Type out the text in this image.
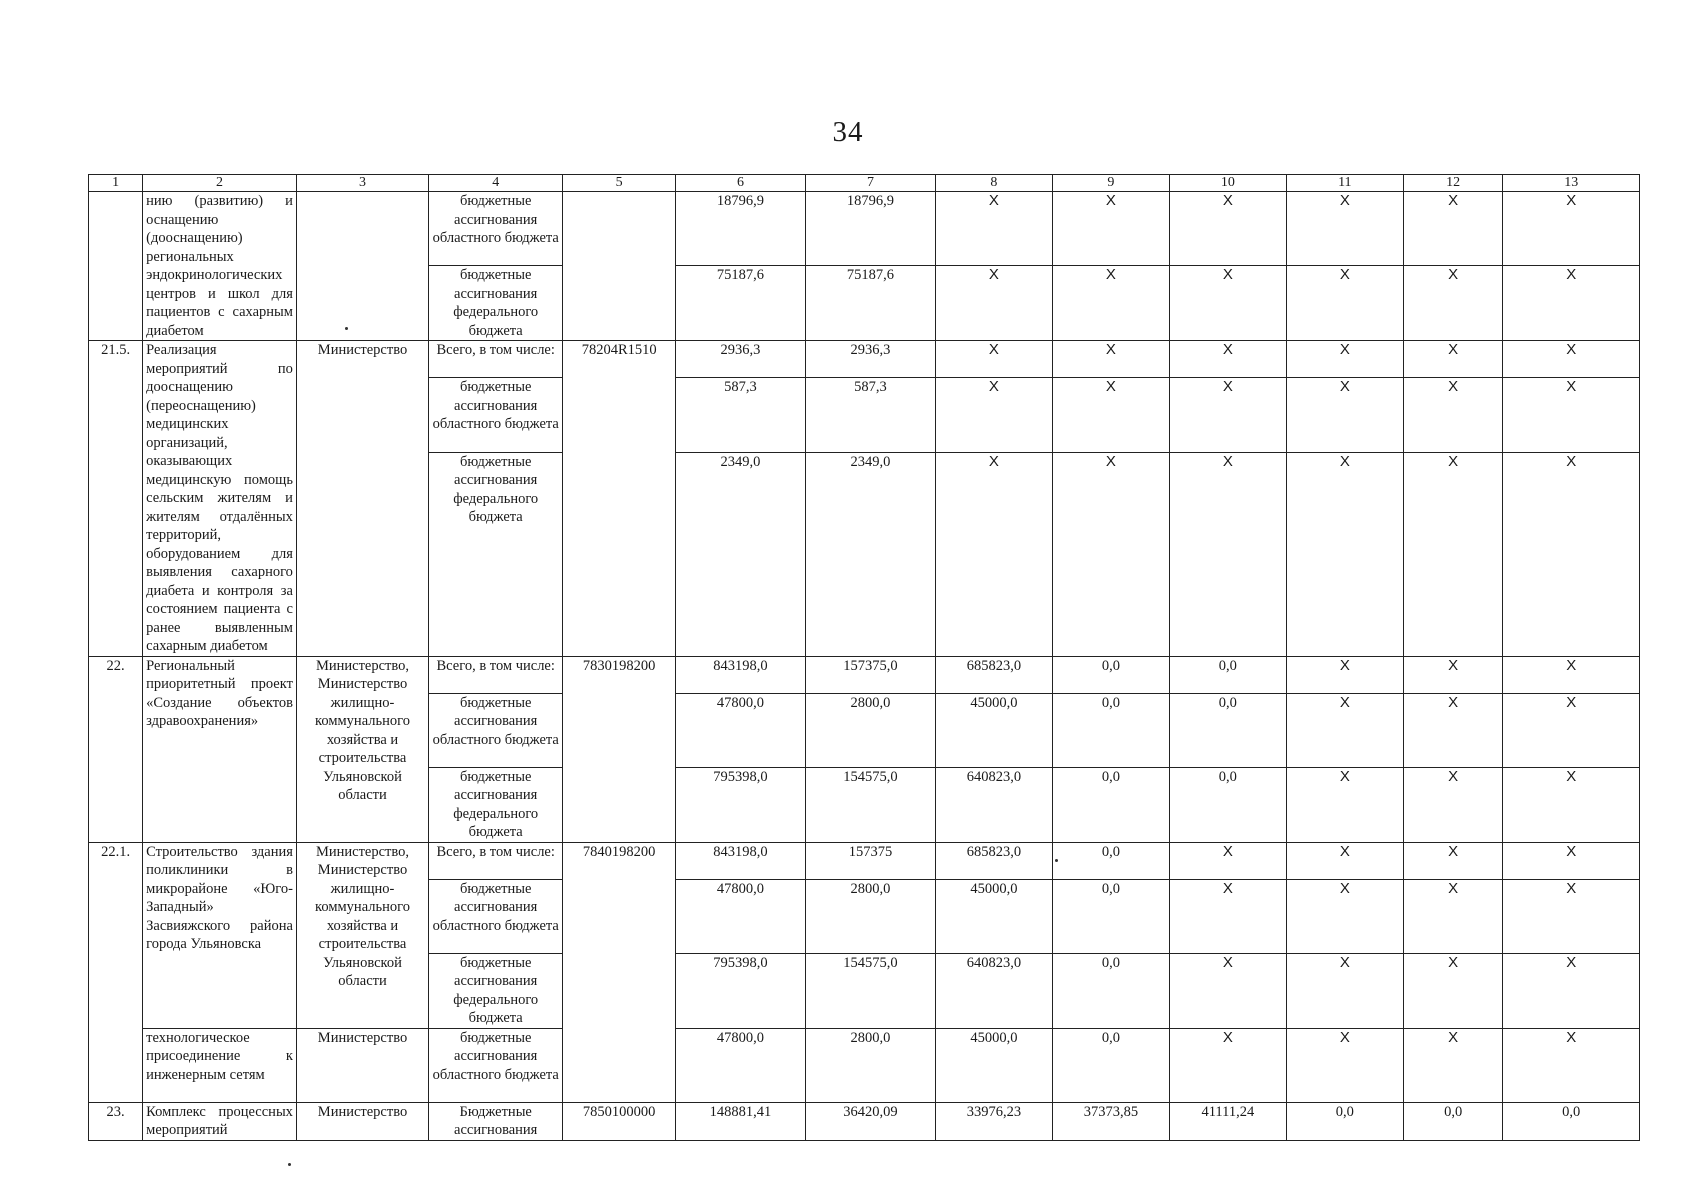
34
1	2	3	4	5	6	7	8	9	10	11	12	13
	нию (развитию) и оснащению (дооснащению) региональных эндокринологических центров и школ для пациентов с сахарным диабетом		бюджетные ассигнования областного бюджета		18796,9	18796,9	X	X	X	X	X	X
			бюджетные ассигнования федерального бюджета		75187,6	75187,6	X	X	X	X	X	X
21.5.	Реализация мероприятий по дооснащению (переоснащению) медицинских организаций, оказывающих медицинскую помощь сельским жителям и жителям отдалённых территорий, оборудованием для выявления сахарного диабета и контроля за состоянием пациента с ранее выявленным сахарным диабетом	Министерство	Всего, в том числе:	78204R1510	2936,3	2936,3	X	X	X	X	X	X
			бюджетные ассигнования областного бюджета		587,3	587,3	X	X	X	X	X	X
			бюджетные ассигнования федерального бюджета		2349,0	2349,0	X	X	X	X	X	X
22.	Региональный приоритетный проект «Создание объектов здравоохранения»	Министерство, Министерство жилищно-коммунального хозяйства и строительства Ульяновской области	Всего, в том числе:	7830198200	843198,0	157375,0	685823,0	0,0	0,0	X	X	X
			бюджетные ассигнования областного бюджета		47800,0	2800,0	45000,0	0,0	0,0	X	X	X
			бюджетные ассигнования федерального бюджета		795398,0	154575,0	640823,0	0,0	0,0	X	X	X
22.1.	Строительство здания поликлиники в микрорайоне «Юго-Западный» Засвияжского района города Ульяновска	Министерство, Министерство жилищно-коммунального хозяйства и строительства Ульяновской области	Всего, в том числе:	7840198200	843198,0	157375	685823,0	0,0	X	X	X	X
			бюджетные ассигнования областного бюджета		47800,0	2800,0	45000,0	0,0	X	X	X	X
			бюджетные ассигнования федерального бюджета		795398,0	154575,0	640823,0	0,0	X	X	X	X
	технологическое присоединение к инженерным сетям	Министерство	бюджетные ассигнования областного бюджета		47800,0	2800,0	45000,0	0,0	X	X	X	X
23.	Комплекс процессных мероприятий	Министерство	Бюджетные ассигнования	7850100000	148881,41	36420,09	33976,23	37373,85	41111,24	0,0	0,0	0,0
